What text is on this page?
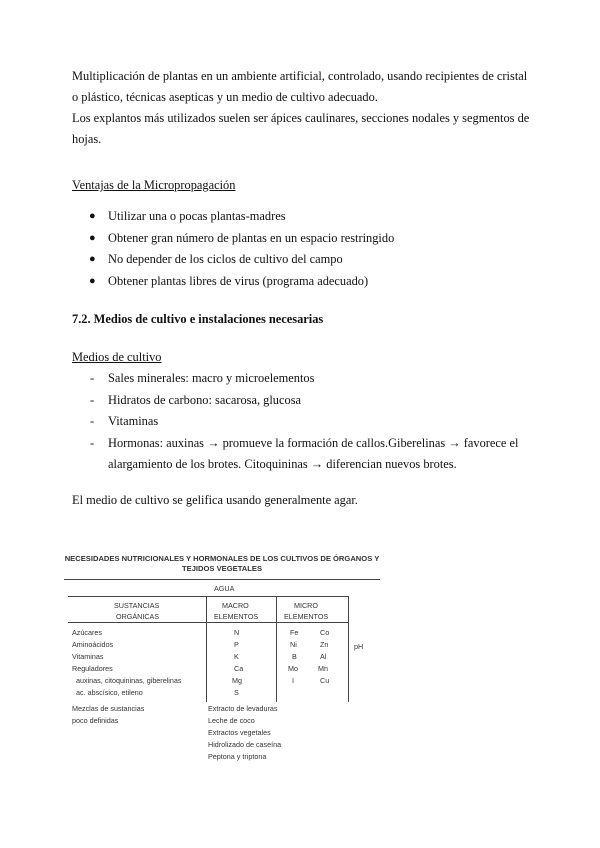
Multiplicación de plantas en un ambiente artificial, controlado, usando recipientes de cristal o plástico, técnicas asepticas y un medio de cultivo adecuado.

Los explantos más utilizados suelen ser ápices caulinares, secciones nodales y segmentos de hojas.

Ventajas de la Micropropagación

● Utilizar una o pocas plantas-madres
● Obtener gran número de plantas en un espacio restringido
● No depender de los ciclos de cultivo del campo
● Obtener plantas libres de virus (programa adecuado)

7.2. Medios de cultivo e instalaciones necesarias

Medios de cultivo

- Sales minerales: macro y microelementos
- Hidratos de carbono: sacarosa, glucosa
- Vitaminas
- Hormonas: auxinas → promueve la formación de callos.Giberelinas → favorece el alargamiento de los brotes. Citoquininas → diferencian nuevos brotes.

El medio de cultivo se gelifica usando generalmente agar.

NECESIDADES NUTRICIONALES Y HORMONALES DE LOS CULTIVOS DE ÓRGANOS Y
TEJIDOS VEGETALES
AGUA
SUSTANCIAS
ORGÁNICAS
MACRO
ELEMENTOS
MICRO
ELEMENTOS
Azúcares
Aminoácidos
Vitaminas
Reguladores
auxinas, citoquininas, giberelinas
ac. abscísico, etileno
N
P
K
Ca
Mg
S
Fe
Ni
B
Mo
I
Co
Zn
Al
Mn
Cu
pH
Mezclas de sustancias
poco definidas
Extracto de levaduras
Leche de coco
Extractos vegetales
Hidrolizado de caseína
Peptona y triptona
